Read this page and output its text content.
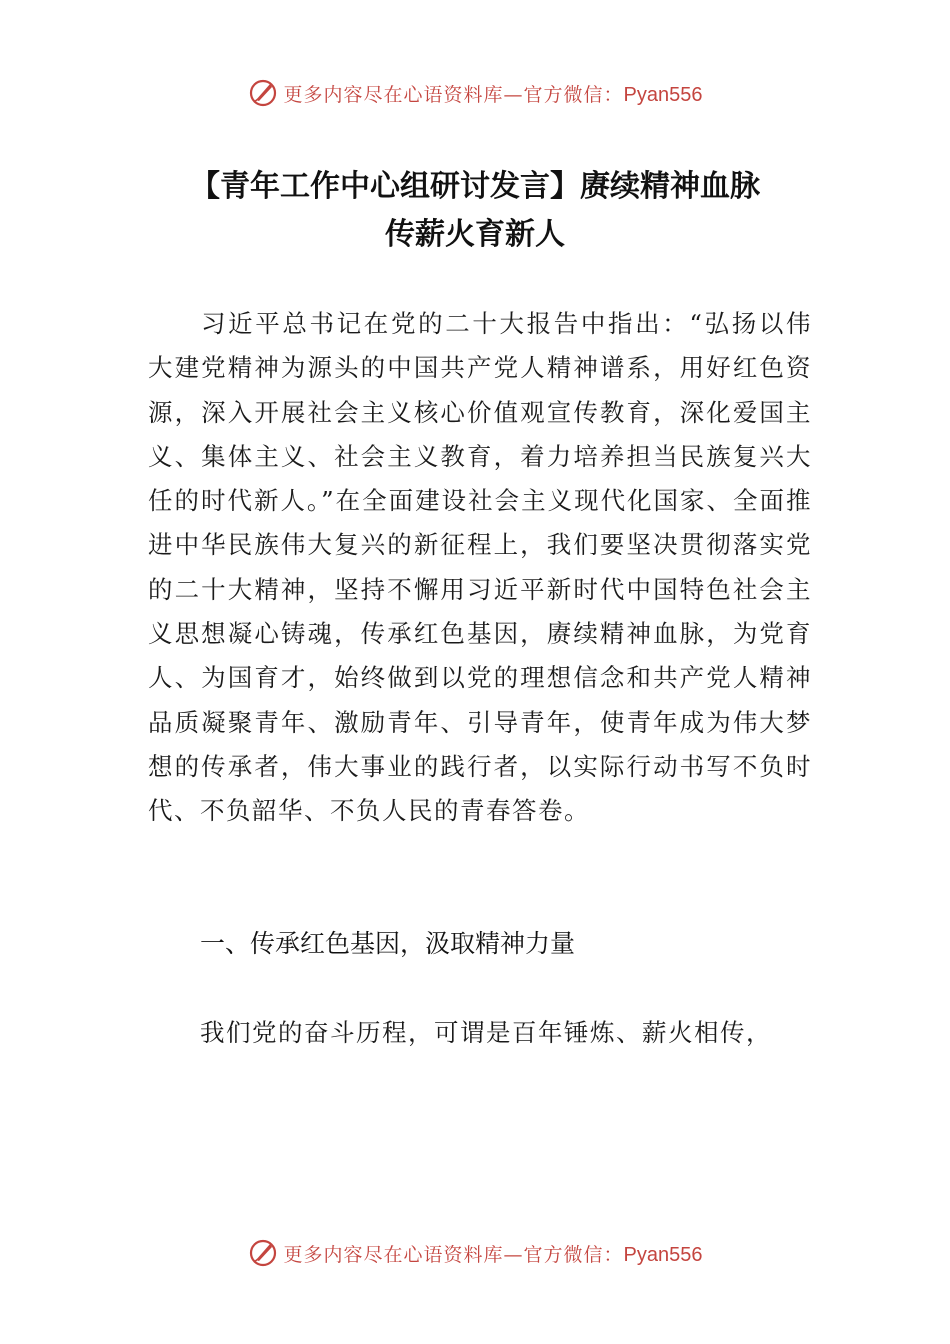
更多内容尽在心语资料库—官方微信：Pyan556
【青年工作中心组研讨发言】赓续精神血脉
传薪火育新人

习近平总书记在党的二十大报告中指出：“弘扬以伟大建党精神为源头的中国共产党人精神谱系，用好红色资源，深入开展社会主义核心价值观宣传教育，深化爱国主义、集体主义、社会主义教育，着力培养担当民族复兴大任的时代新人。”在全面建设社会主义现代化国家、全面推进中华民族伟大复兴的新征程上，我们要坚决贯彻落实党的二十大精神，坚持不懈用习近平新时代中国特色社会主义思想凝心铸魂，传承红色基因，赓续精神血脉，为党育人、为国育才，始终做到以党的理想信念和共产党人精神品质凝聚青年、激励青年、引导青年，使青年成为伟大梦想的传承者，伟大事业的践行者，以实际行动书写不负时代、不负韶华、不负人民的青春答卷。

一、传承红色基因，汲取精神力量
我们党的奋斗历程，可谓是百年锤炼、薪火相传，
更多内容尽在心语资料库—官方微信：Pyan556
